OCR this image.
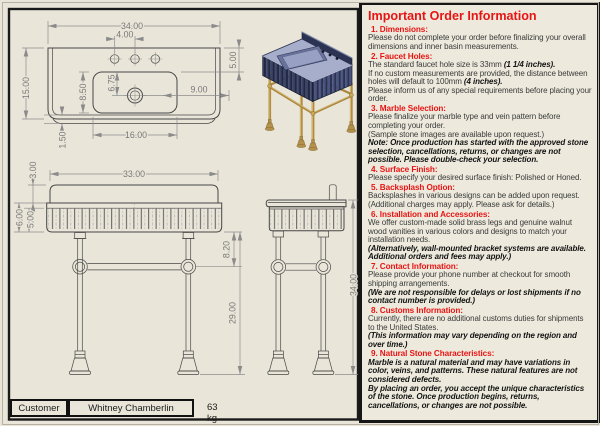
34.00
4.00
15.00
5.00
8.50
6.75	9.00
16.00
1.50
33.00
3.00
6.00 5.00
8.20
29.00
34.00
Customer	Whitney Chamberlin	63 kg
Important Order Information
1. Dimensions:
Please do not complete your order before finalizing your overall dimensions and inner basin measurements.
2. Faucet Holes:
The standard faucet hole size is 33mm (1 1/4 inches).
If no custom measurements are provided, the distance between holes will default to 100mm (4 inches).
Please inform us of any special requirements before placing your order.
3. Marble Selection:
Please finalize your marble type and vein pattern before completing your order.
(Sample stone images are available upon request.)
Note: Once production has started with the approved stone selection, cancellations, returns, or changes are not possible. Please double-check your selection.
4. Surface Finish:
Please specify your desired surface finish: Polished or Honed.
5. Backsplash Option:
Backsplashes in various designs can be added upon request.
(Additional charges may apply. Please ask for details.)
6. Installation and Accessories:
We offer custom-made solid brass legs and genuine walnut wood vanities in various colors and designs to match your installation needs.
(Alternatively, wall-mounted bracket systems are available. Additional orders and fees may apply.)
7. Contact Information:
Please provide your phone number at checkout for smooth shipping arrangements.
(We are not responsible for delays or lost shipments if no contact number is provided.)
8. Customs Information:
Currently, there are no additional customs duties for shipments to the United States.
(This information may vary depending on the region and over time.)
9. Natural Stone Characteristics:
Marble is a natural material and may have variations in color, veins, and patterns. These natural features are not considered defects.
By placing an order, you accept the unique characteristics of the stone. Once production begins, returns, cancellations, or changes are not possible.
